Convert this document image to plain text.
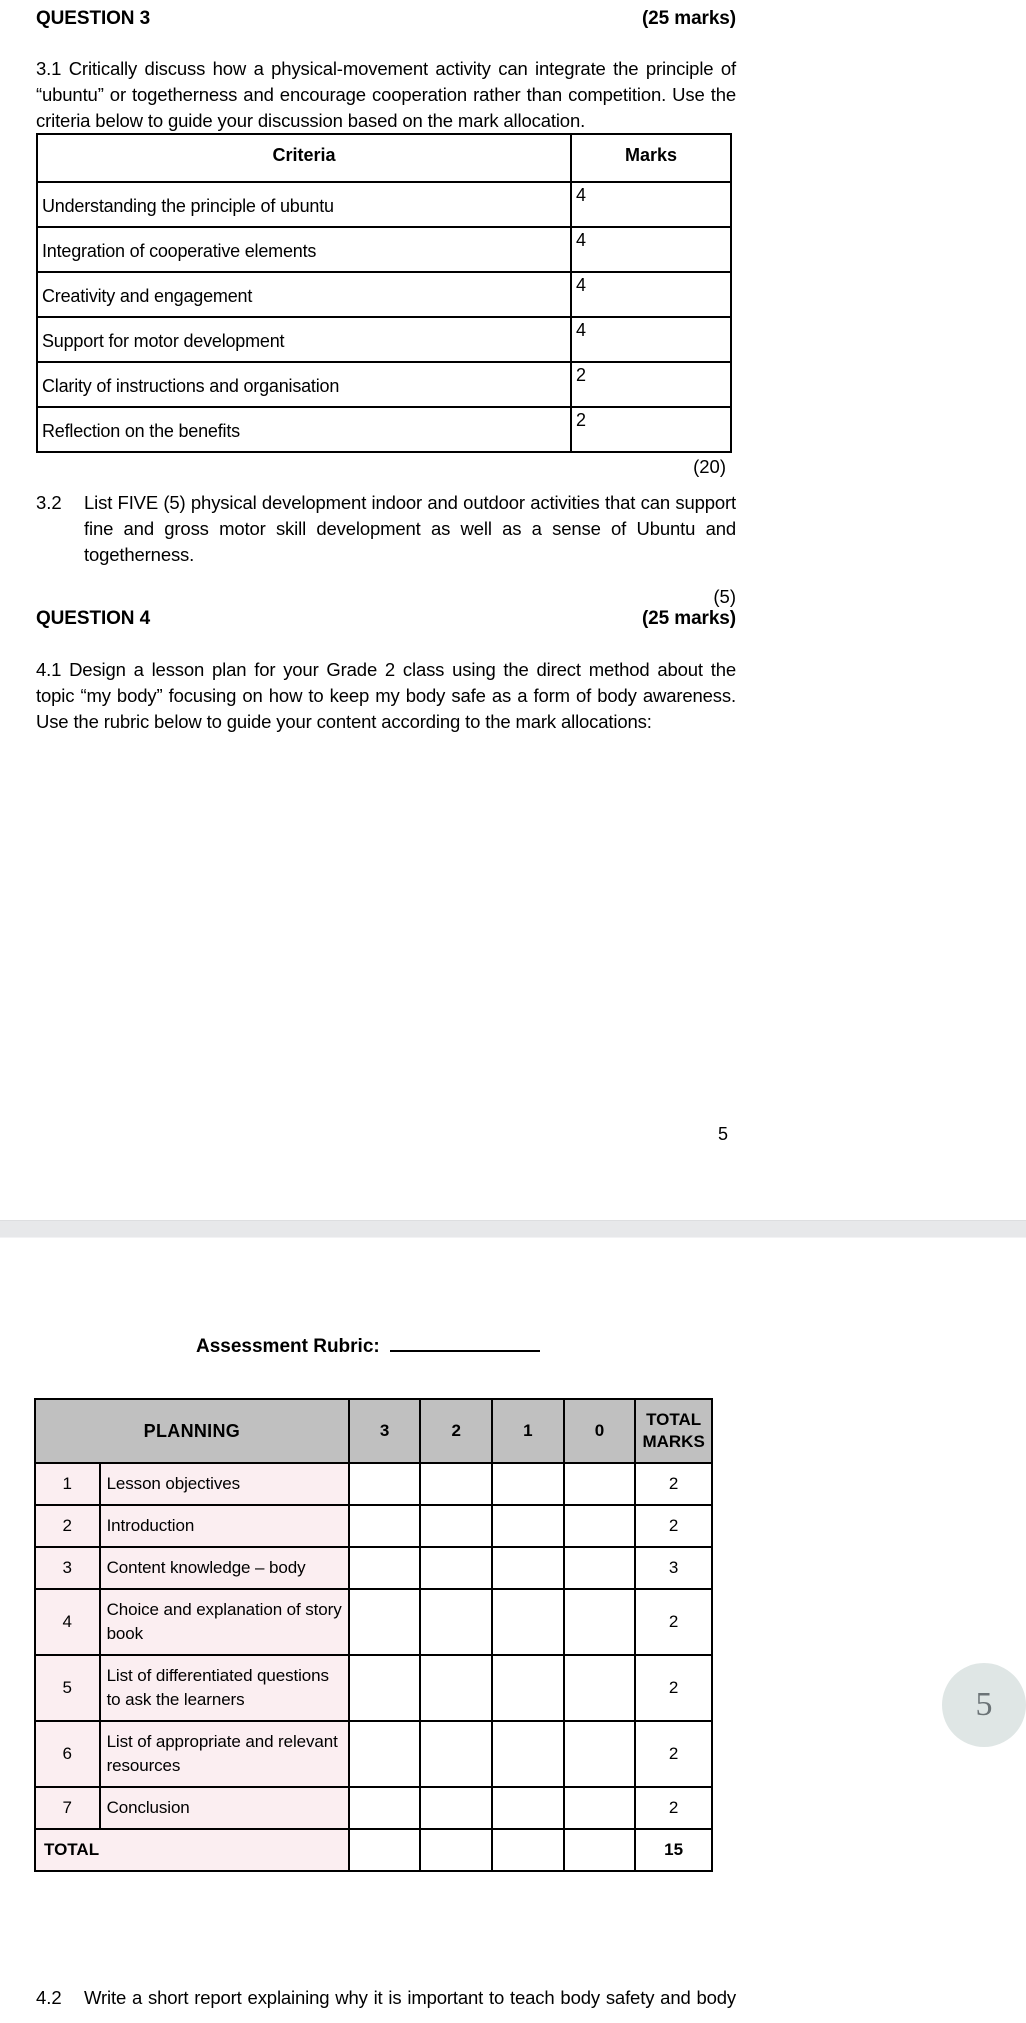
QUESTION 3	(25 marks)
3.1 Critically discuss how a physical-movement activity can integrate the principle of “ubuntu” or togetherness and encourage cooperation rather than competition. Use the criteria below to guide your discussion based on the mark allocation.
Criteria	Marks
Understanding the principle of ubuntu	4
Integration of cooperative elements	4
Creativity and engagement	4
Support for motor development	4
Clarity of instructions and organisation	2
Reflection on the benefits	2
(20)
3.2	List FIVE (5) physical development indoor and outdoor activities that can support fine and gross motor skill development as well as a sense of Ubuntu and togetherness.
(5)
QUESTION 4	(25 marks)
4.1 Design a lesson plan for your Grade 2 class using the direct method about the topic “my body” focusing on how to keep my body safe as a form of body awareness. Use the rubric below to guide your content according to the mark allocations:
5
Assessment Rubric:
PLANNING		3	2	1	0	TOTAL MARKS
1	Lesson objectives					2
2	Introduction					2
3	Content knowledge – body					3
4	Choice and explanation of story book					2
5	List of differentiated questions to ask the learners					2
6	List of appropriate and relevant resources					2
7	Conclusion					2
TOTAL						15
5
4.2	Write a short report explaining why it is important to teach body safety and body
